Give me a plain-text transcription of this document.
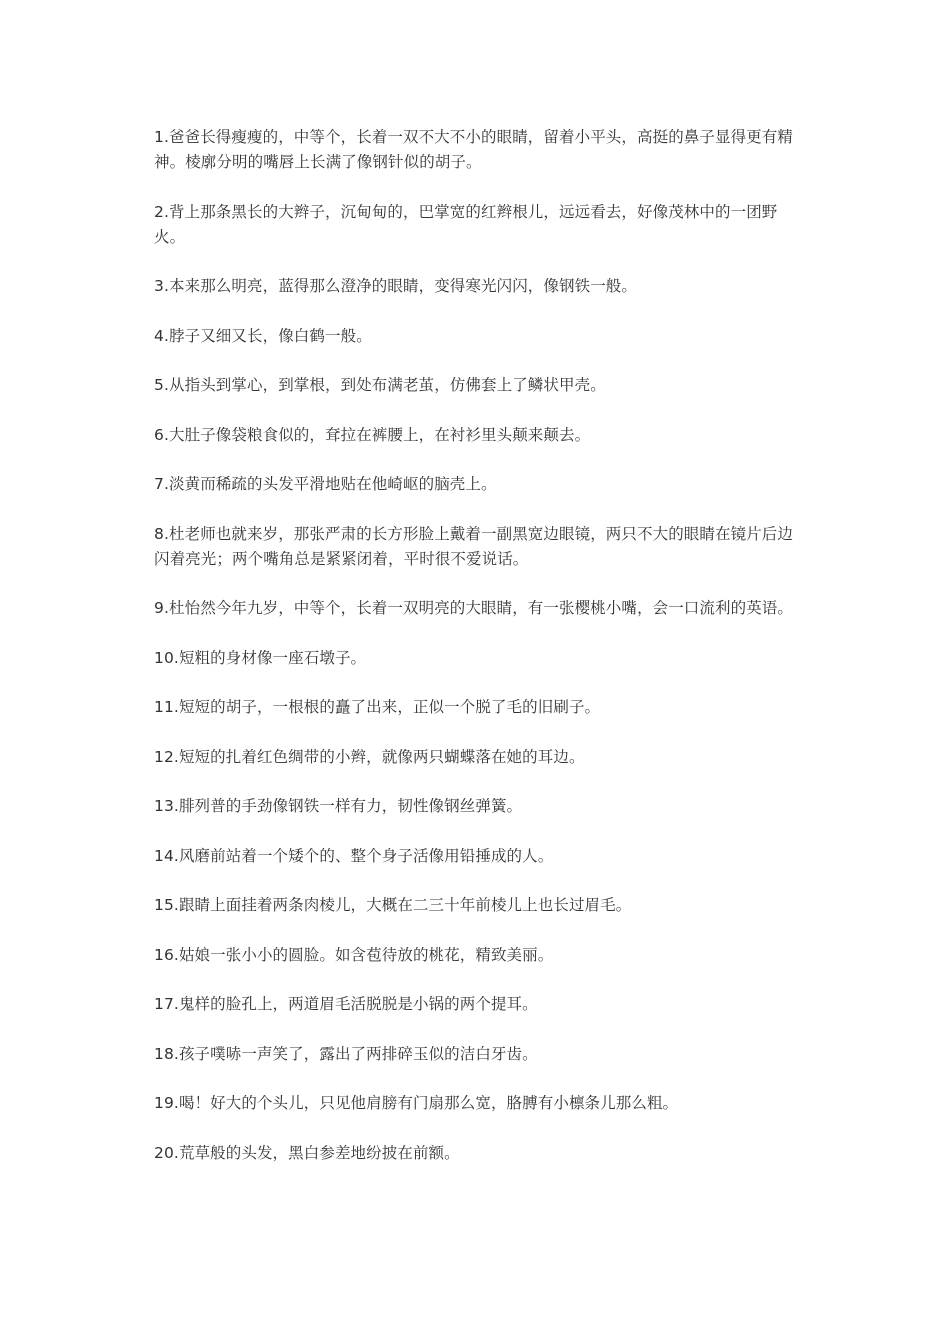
1.爸爸长得瘦瘦的，中等个，长着一双不大不小的眼睛，留着小平头，高挺的鼻子显得更有精神。棱廓分明的嘴唇上长满了像钢针似的胡子。

2.背上那条黑长的大辫子，沉甸甸的，巴掌宽的红辫根儿，远远看去，好像茂林中的一团野火。

3.本来那么明亮，蓝得那么澄净的眼睛，变得寒光闪闪，像钢铁一般。

4.脖子又细又长，像白鹤一般。

5.从指头到掌心，到掌根，到处布满老茧，仿佛套上了鳞状甲壳。

6.大肚子像袋粮食似的，耷拉在裤腰上，在衬衫里头颠来颠去。

7.淡黄而稀疏的头发平滑地贴在他崎岖的脑壳上。

8.杜老师也就来岁，那张严肃的长方形脸上戴着一副黑宽边眼镜，两只不大的眼睛在镜片后边闪着亮光；两个嘴角总是紧紧闭着，平时很不爱说话。

9.杜怡然今年九岁，中等个，长着一双明亮的大眼睛，有一张樱桃小嘴，会一口流利的英语。

10.短粗的身材像一座石墩子。

11.短短的胡子，一根根的矗了出来，正似一个脱了毛的旧刷子。

12.短短的扎着红色绸带的小辫，就像两只蝴蝶落在她的耳边。

13.腓列普的手劲像钢铁一样有力，韧性像钢丝弹簧。

14.风磨前站着一个矮个的、整个身子活像用铅捶成的人。

15.跟睛上面挂着两条肉棱儿，大概在二三十年前棱儿上也长过眉毛。

16.姑娘一张小小的圆脸。如含苞待放的桃花，精致美丽。

17.鬼样的脸孔上，两道眉毛活脱脱是小锅的两个提耳。

18.孩子噗哧一声笑了，露出了两排碎玉似的洁白牙齿。

19.喝！好大的个头儿，只见他肩膀有门扇那么宽，胳膊有小檩条儿那么粗。

20.荒草般的头发，黑白参差地纷披在前额。
